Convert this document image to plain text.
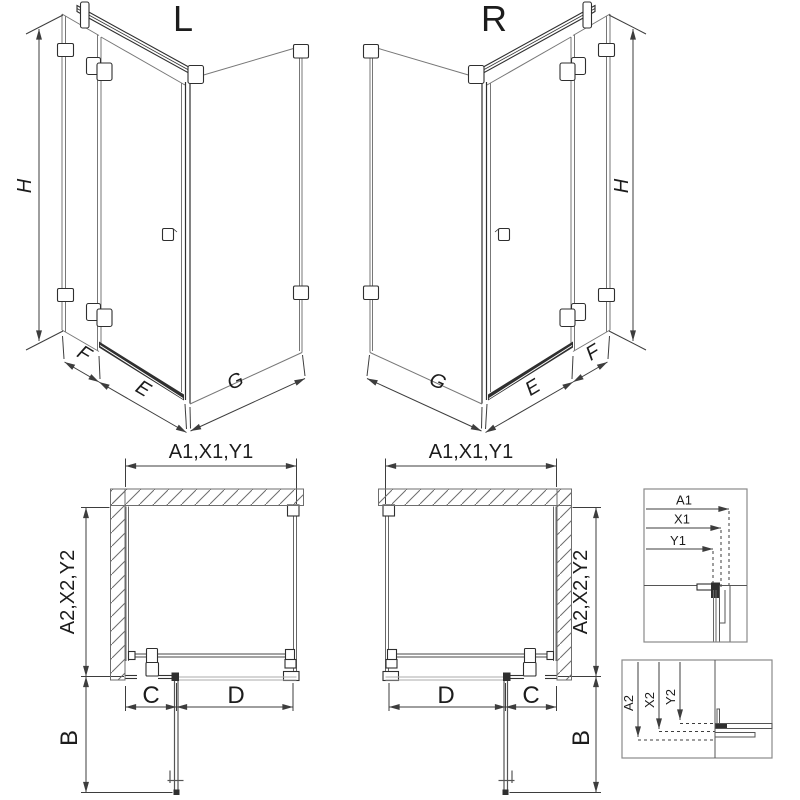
A1
X1
Y1
A2 X2 Y2
L	R
H
F
E	G
H
F
E
G
A1,X1,Y1
A2,X2,Y2
C	D
B
A1,X1,Y1
A2,X2,Y2
C
D
B
